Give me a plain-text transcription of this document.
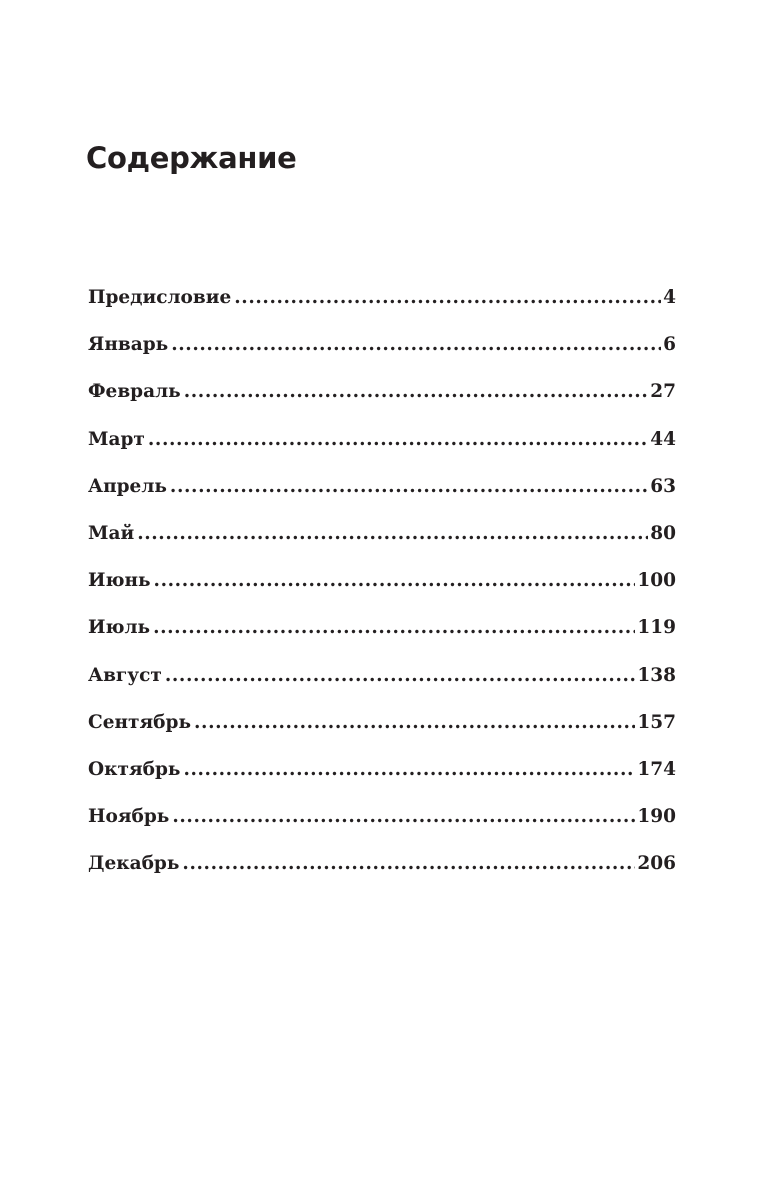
Содержание
Предисловие .....	4
Январь .....	6
Февраль .....	27
Март .....	44
Апрель .....	63
Май .....	80
Июнь .....	100
Июль .....	119
Август .....	138
Сентябрь .....	157
Октябрь .....	174
Ноябрь .....	190
Декабрь .....	206
